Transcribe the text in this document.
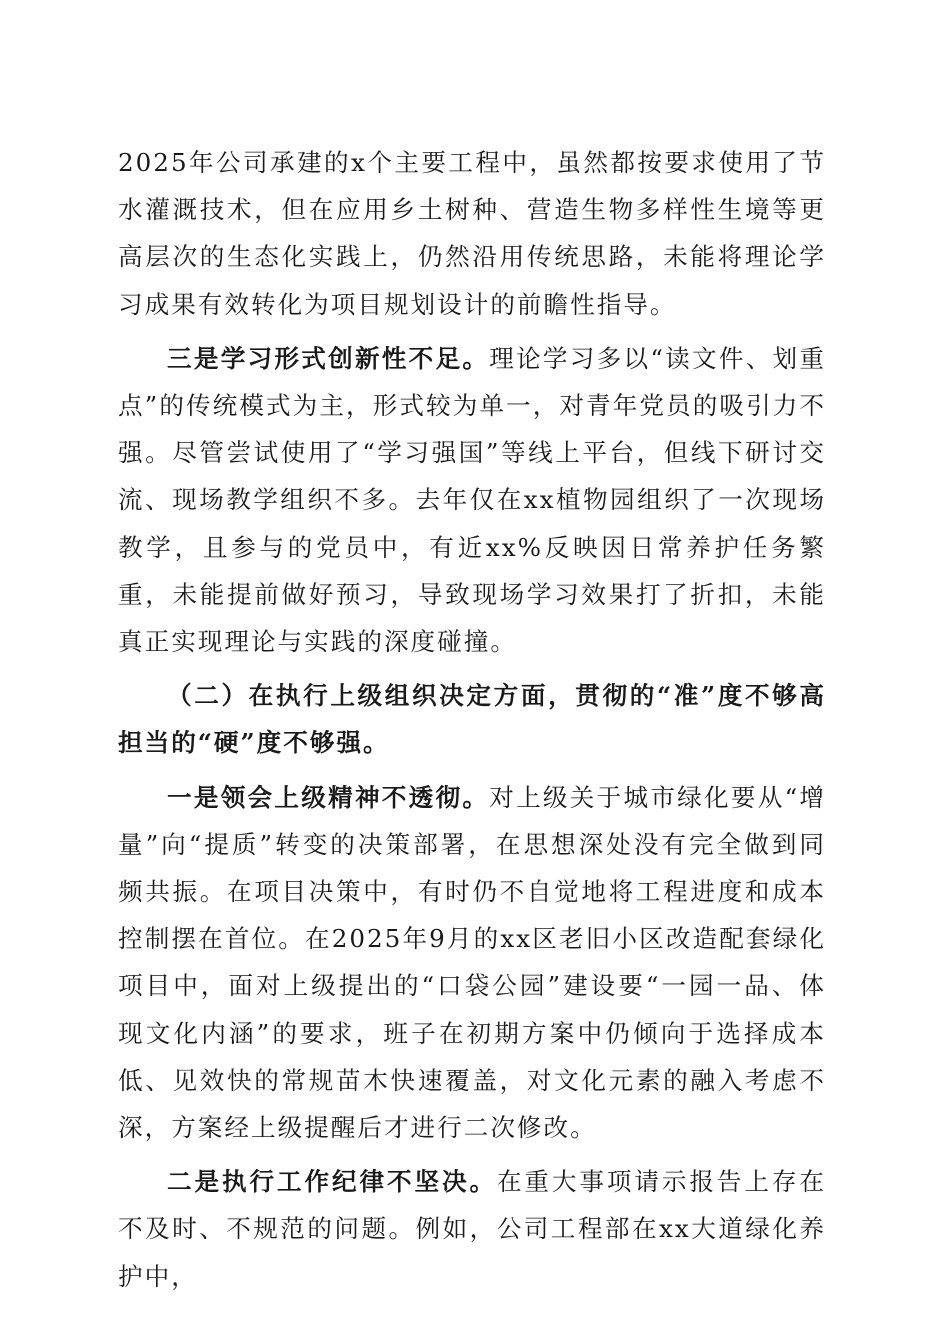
2025年公司承建的x个主要工程中，虽然都按要求使用了节水灌溉技术，但在应用乡土树种、营造生物多样性生境等更高层次的生态化实践上，仍然沿用传统思路，未能将理论学习成果有效转化为项目规划设计的前瞻性指导。

三是学习形式创新性不足。理论学习多以“读文件、划重点”的传统模式为主，形式较为单一，对青年党员的吸引力不强。尽管尝试使用了“学习强国”等线上平台，但线下研讨交流、现场教学组织不多。去年仅在xx植物园组织了一次现场教学，且参与的党员中，有近xx%反映因日常养护任务繁重，未能提前做好预习，导致现场学习效果打了折扣，未能真正实现理论与实践的深度碰撞。

（二）在执行上级组织决定方面，贯彻的“准”度不够高担当的“硬”度不够强。

一是领会上级精神不透彻。对上级关于城市绿化要从“增量”向“提质”转变的决策部署，在思想深处没有完全做到同频共振。在项目决策中，有时仍不自觉地将工程进度和成本控制摆在首位。在2025年9月的xx区老旧小区改造配套绿化项目中，面对上级提出的“口袋公园”建设要“一园一品、体现文化内涵”的要求，班子在初期方案中仍倾向于选择成本低、见效快的常规苗木快速覆盖，对文化元素的融入考虑不深，方案经上级提醒后才进行二次修改。

二是执行工作纪律不坚决。在重大事项请示报告上存在不及时、不规范的问题。例如，公司工程部在xx大道绿化养护中，
